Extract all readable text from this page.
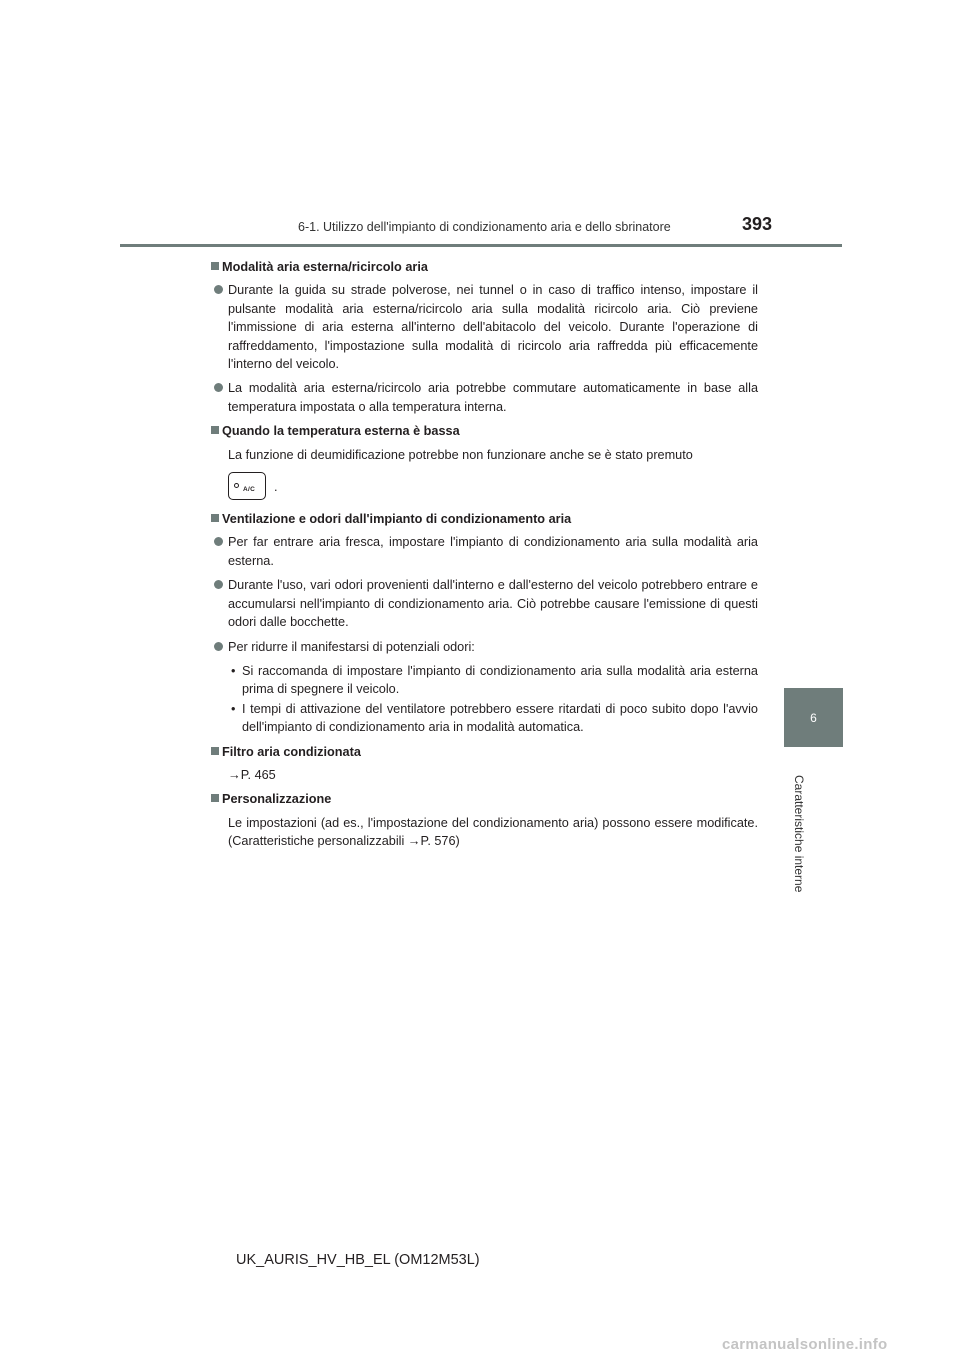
6-1. Utilizzo dell'impianto di condizionamento aria e dello sbrinatore	393
6
Caratteristiche interne
Modalità aria esterna/ricircolo aria
Durante la guida su strade polverose, nei tunnel o in caso di traffico intenso, impostare il pulsante modalità aria esterna/ricircolo aria sulla modalità ricircolo aria. Ciò previene l'immissione di aria esterna all'interno dell'abitacolo del veicolo. Durante l'operazione di raffreddamento, l'impostazione sulla modalità di ricircolo aria raffredda più efficacemente l'interno del veicolo.
La modalità aria esterna/ricircolo aria potrebbe commutare automaticamente in base alla temperatura impostata o alla temperatura interna.
Quando la temperatura esterna è bassa
La funzione di deumidificazione potrebbe non funzionare anche se è stato premuto
A/C .
Ventilazione e odori dall'impianto di condizionamento aria
Per far entrare aria fresca, impostare l'impianto di condizionamento aria sulla modalità aria esterna.
Durante l'uso, vari odori provenienti dall'interno e dall'esterno del veicolo potrebbero entrare e accumularsi nell'impianto di condizionamento aria. Ciò potrebbe causare l'emissione di questi odori dalle bocchette.
Per ridurre il manifestarsi di potenziali odori:
• Si raccomanda di impostare l'impianto di condizionamento aria sulla modalità aria esterna prima di spegnere il veicolo.
• I tempi di attivazione del ventilatore potrebbero essere ritardati di poco subito dopo l'avvio dell'impianto di condizionamento aria in modalità automatica.
Filtro aria condizionata
→P. 465
Personalizzazione
Le impostazioni (ad es., l'impostazione del condizionamento aria) possono essere modificate. (Caratteristiche personalizzabili →P. 576)
UK_AURIS_HV_HB_EL (OM12M53L)
carmanualsonline.info
